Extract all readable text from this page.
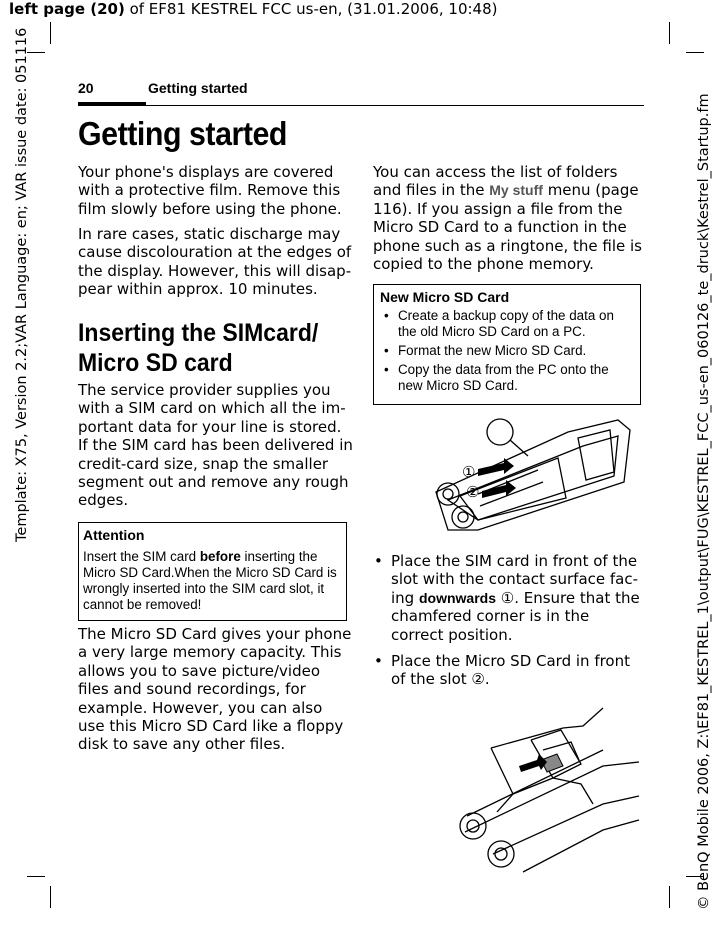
left page (20) of EF81 KESTREL FCC us-en, (31.01.2006, 10:48)
Template: X75, Version 2.2;VAR Language: en; VAR issue date: 051116	© BenQ Mobile 2006, Z:\EF81_KESTREL_1\output\FUG\KESTREL_FCC_us-en_060126_te_druck\Kestrel_Startup.fm
20	Getting started
Getting started

Your phone's displays are covered with a protective film. Remove this film slowly before using the phone.

In rare cases, static discharge may cause discolouration at the edges of the display. However, this will disap-pear within approx. 10 minutes.

Inserting the SIMcard/ Micro SD card

The service provider supplies you with a SIM card on which all the im-portant data for your line is stored. If the SIM card has been delivered in credit-card size, snap the smaller segment out and remove any rough edges.

Attention
Insert the SIM card before inserting the Micro SD Card.When the Micro SD Card is wrongly inserted into the SIM card slot, it cannot be removed!

The Micro SD Card gives your phone a very large memory capacity. This allows you to save picture/video files and sound recordings, for example. However, you can also use this Micro SD Card like a floppy disk to save any other files.

You can access the list of folders and files in the My stuff menu (page 116). If you assign a file from the Micro SD Card to a function in the phone such as a ringtone, the file is copied to the phone memory.

New Micro SD Card
• Create a backup copy of the data on the old Micro SD Card on a PC.
• Format the new Micro SD Card.
• Copy the data from the PC onto the new Micro SD Card.
①
②
• Place the SIM card in front of the slot with the contact surface fac-ing downwards ①. Ensure that the chamfered corner is in the correct position.
• Place the Micro SD Card in front of the slot ②.
